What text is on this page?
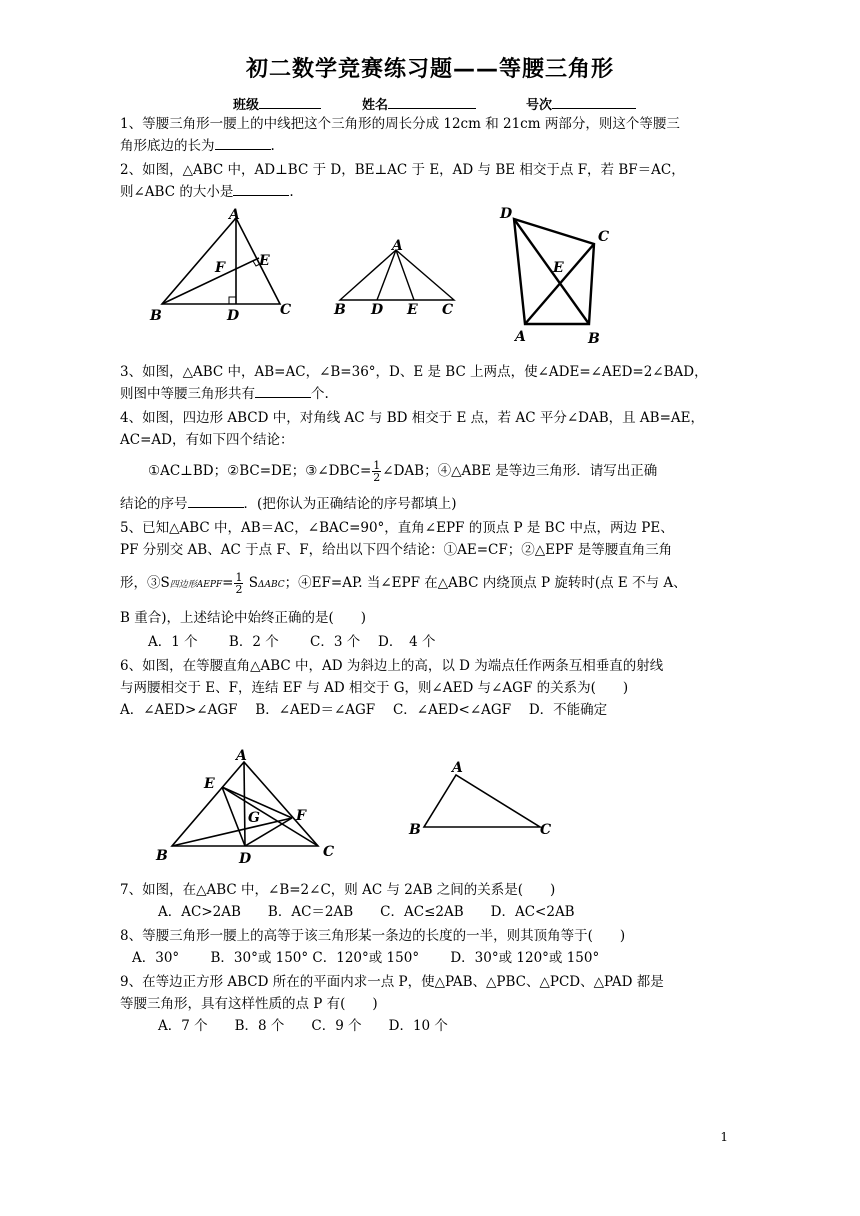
初二数学竞赛练习题——等腰三角形
班级	姓名	号次
1、等腰三角形一腰上的中线把这个三角形的周长分成 12cm 和 21cm 两部分，则这个等腰三
角形底边的长为	.
2、如图，△ABC 中，AD⊥BC 于 D，BE⊥AC 于 E，AD 与 BE 相交于点 F，若 BF＝AC，
则∠ABC 的大小是	.
A
B	C
D
E
F
A
B D E C
D
C
E
A	B
3、如图，△ABC 中，AB=AC，∠B=36°，D、E 是 BC 上两点，使∠ADE=∠AED=2∠BAD，
则图中等腰三角形共有	个.
4、如图，四边形 ABCD 中，对角线 AC 与 BD 相交于 E 点，若 AC 平分∠DAB，且 AB=AE，
AC=AD，有如下四个结论：
①AC⊥BD；②BC=DE；③∠DBC= $\frac{1}{2}$ ∠DAB；④△ABE 是等边三角形．请写出正确
结论的序号	．(把你认为正确结论的序号都填上)
5、已知△ABC 中，AB＝AC，∠BAC=90°，直角∠EPF 的顶点 P 是 BC 中点，两边 PE、
PF 分别交 AB、AC 于点 F、F，给出以下四个结论：①AE=CF；②△EPF 是等腰直角三角
形，③S四边形AEPF= $\frac{1}{2}$ SΔABC；④EF=AP. 当∠EPF 在△ABC 内绕顶点 P 旋转时(点 E 不与 A、
B 重合)，上述结论中始终正确的是(　　)
A．1 个　　 B．2 个　　 C．3 个　 D．　4 个
6、如图，在等腰直角△ABC 中，AD 为斜边上的高，以 D 为端点任作两条互相垂直的射线
与两腰相交于 E、F，连结 EF 与 AD 相交于 G，则∠AED 与∠AGF 的关系为(　　)
A．∠AED>∠AGF　 B．∠AED＝∠AGF　 C．∠AED<∠AGF　 D．不能确定
A
E
G	F
B	D	C
A
B	C
7、如图，在△ABC 中，∠B=2∠C，则 AC 与 2AB 之间的关系是(　　)
A．AC>2AB　　B．AC＝2AB　　C．AC≤2AB　　D．AC<2AB
8、等腰三角形一腰上的高等于该三角形某一条边的长度的一半，则其顶角等于(　　)
A．30°　　 B．30°或 150° C．120°或 150°　　 D．30°或 120°或 150°
9、在等边正方形 ABCD 所在的平面内求一点 P，使△PAB、△PBC、△PCD、△PAD 都是
等腰三角形，具有这样性质的点 P 有(　　)
A．7 个　　B．8 个　　C．9 个　　D．10 个
1
